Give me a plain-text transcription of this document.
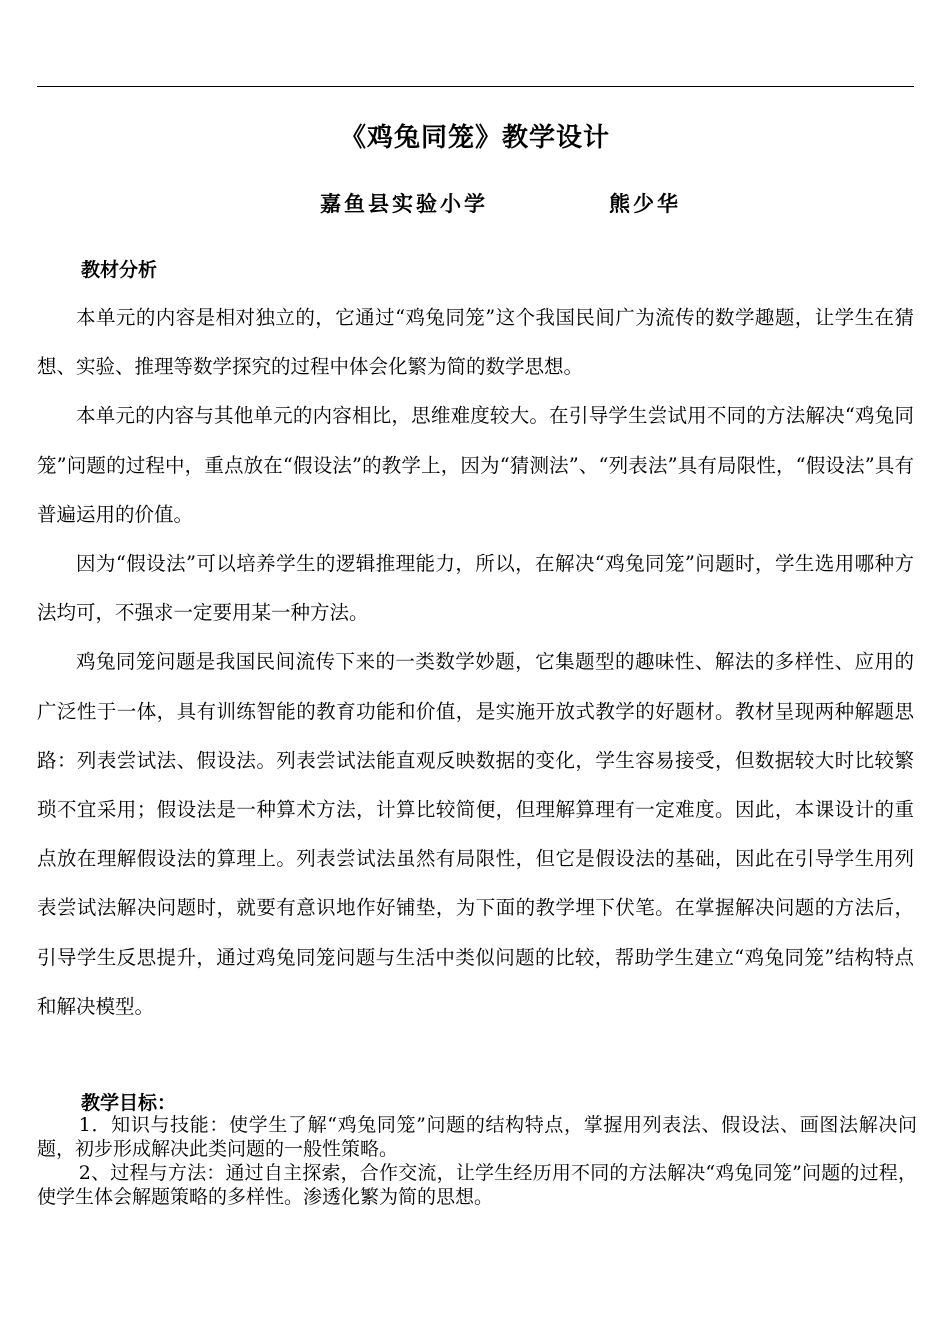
《鸡兔同笼》教学设计
嘉鱼县实验小学	熊少华
教材分析

本单元的内容是相对独立的，它通过“鸡兔同笼”这个我国民间广为流传的数学趣题，让学生在猜想、实验、推理等数学探究的过程中体会化繁为简的数学思想。

本单元的内容与其他单元的内容相比，思维难度较大。在引导学生尝试用不同的方法解决“鸡兔同笼”问题的过程中，重点放在“假设法”的教学上，因为“猜测法”、“列表法”具有局限性，“假设法”具有普遍运用的价值。

因为“假设法”可以培养学生的逻辑推理能力，所以，在解决“鸡兔同笼”问题时，学生选用哪种方法均可，不强求一定要用某一种方法。

鸡兔同笼问题是我国民间流传下来的一类数学妙题，它集题型的趣味性、解法的多样性、应用的广泛性于一体，具有训练智能的教育功能和价值，是实施开放式教学的好题材。教材呈现两种解题思路：列表尝试法、假设法。列表尝试法能直观反映数据的变化，学生容易接受，但数据较大时比较繁琐不宜采用；假设法是一种算术方法，计算比较简便，但理解算理有一定难度。因此，本课设计的重点放在理解假设法的算理上。列表尝试法虽然有局限性，但它是假设法的基础，因此在引导学生用列表尝试法解决问题时，就要有意识地作好铺垫，为下面的教学埋下伏笔。在掌握解决问题的方法后，引导学生反思提升，通过鸡兔同笼问题与生活中类似问题的比较，帮助学生建立“鸡兔同笼”结构特点和解决模型。

教学目标：

1．知识与技能：使学生了解“鸡兔同笼”问题的结构特点，掌握用列表法、假设法、画图法解决问题，初步形成解决此类问题的一般性策略。

2、过程与方法：通过自主探索，合作交流，让学生经历用不同的方法解决“鸡兔同笼”问题的过程，使学生体会解题策略的多样性。渗透化繁为简的思想。
